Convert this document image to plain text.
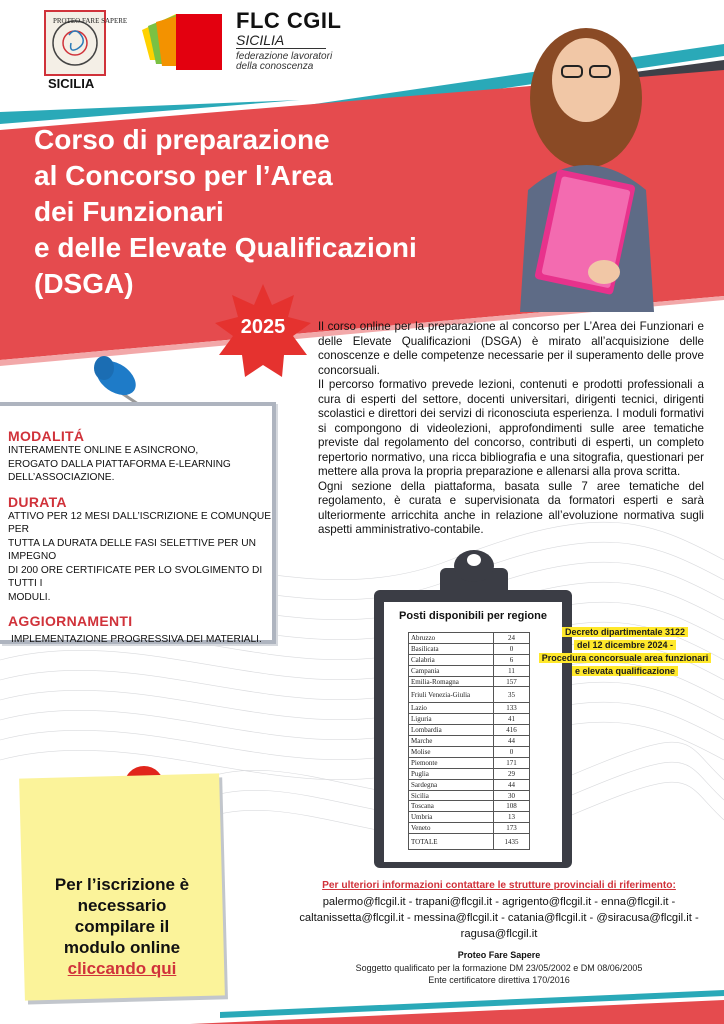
PROTEO FARE SAPERE
SICILIA
FLC CGIL
SICILIA
federazione lavoratori
della conoscenza
Corso di preparazione
al Concorso per l’Area
dei Funzionari
e delle Elevate Qualificazioni
(DSGA)
2025	Il corso online per la preparazione al concorso per L’Area dei Funzionari e delle Elevate Qualificazioni (DSGA) è mirato all’acquisizione delle conoscenze e delle competenze necessarie per il superamento delle prove concorsuali.

Il percorso formativo prevede lezioni, contenuti e prodotti professionali a cura di esperti del settore, docenti universitari, dirigenti tecnici, dirigenti scolastici e direttori dei servizi di riconosciuta esperienza. I moduli formativi si compongono di videolezioni, approfondimenti sulle aree tematiche previste dal regolamento del concorso, contributi di esperti, un completo repertorio normativo, una ricca bibliografia e una sitografia, questionari per mettere alla prova la propria preparazione e allenarsi alla prova scritta.

Ogni sezione della piattaforma, basata sulle 7 aree tematiche del regolamento, è curata e supervisionata da formatori esperti e sarà ulteriormente arricchita anche in relazione all’evoluzione normativa sugli aspetti amministrativo-contabile.

MODALITÁ
INTERAMENTE ONLINE E ASINCRONO,
EROGATO DALLA PIATTAFORMA E-LEARNING
DELL’ASSOCIAZIONE.
DURATA
ATTIVO PER 12 MESI DALL’ISCRIZIONE E COMUNQUE PER
TUTTA LA DURATA DELLE FASI SELETTIVE PER UN IMPEGNO
DI 200 ORE CERTIFICATE PER LO SVOLGIMENTO DI TUTTI I
MODULI.
AGGIORNAMENTI
IMPLEMENTAZIONE PROGRESSIVA DEI MATERIALI.
Posti disponibili per regione
Abruzzo	24
Basilicata	0
Calabria	6
Campania	11
Emilia-Romagna	157
Friuli Venezia-Giulia	35
Lazio	133
Liguria	41
Lombardia	416
Marche	44
Molise	0
Piemonte	171
Puglia	29
Sardegna	44
Sicilia	30
Toscana	108
Umbria	13
Veneto	173
TOTALE	1435
Decreto dipartimentale 3122
del 12 dicembre 2024 -
Procedura concorsuale area funzionari
e elevata qualificazione
Per l’iscrizione è
necessario
compilare il
modulo online
cliccando qui
Per ulteriori informazioni contattare le strutture provinciali di riferimento:
palermo@flcgil.it - trapani@flcgil.it - agrigento@flcgil.it - enna@flcgil.it -
caltanissetta@flcgil.it - messina@flcgil.it - catania@flcgil.it - @siracusa@flcgil.it -
ragusa@flcgil.it
Proteo Fare Sapere
Soggetto qualificato per la formazione DM 23/05/2002 e DM 08/06/2005
Ente certificatore direttiva 170/2016
